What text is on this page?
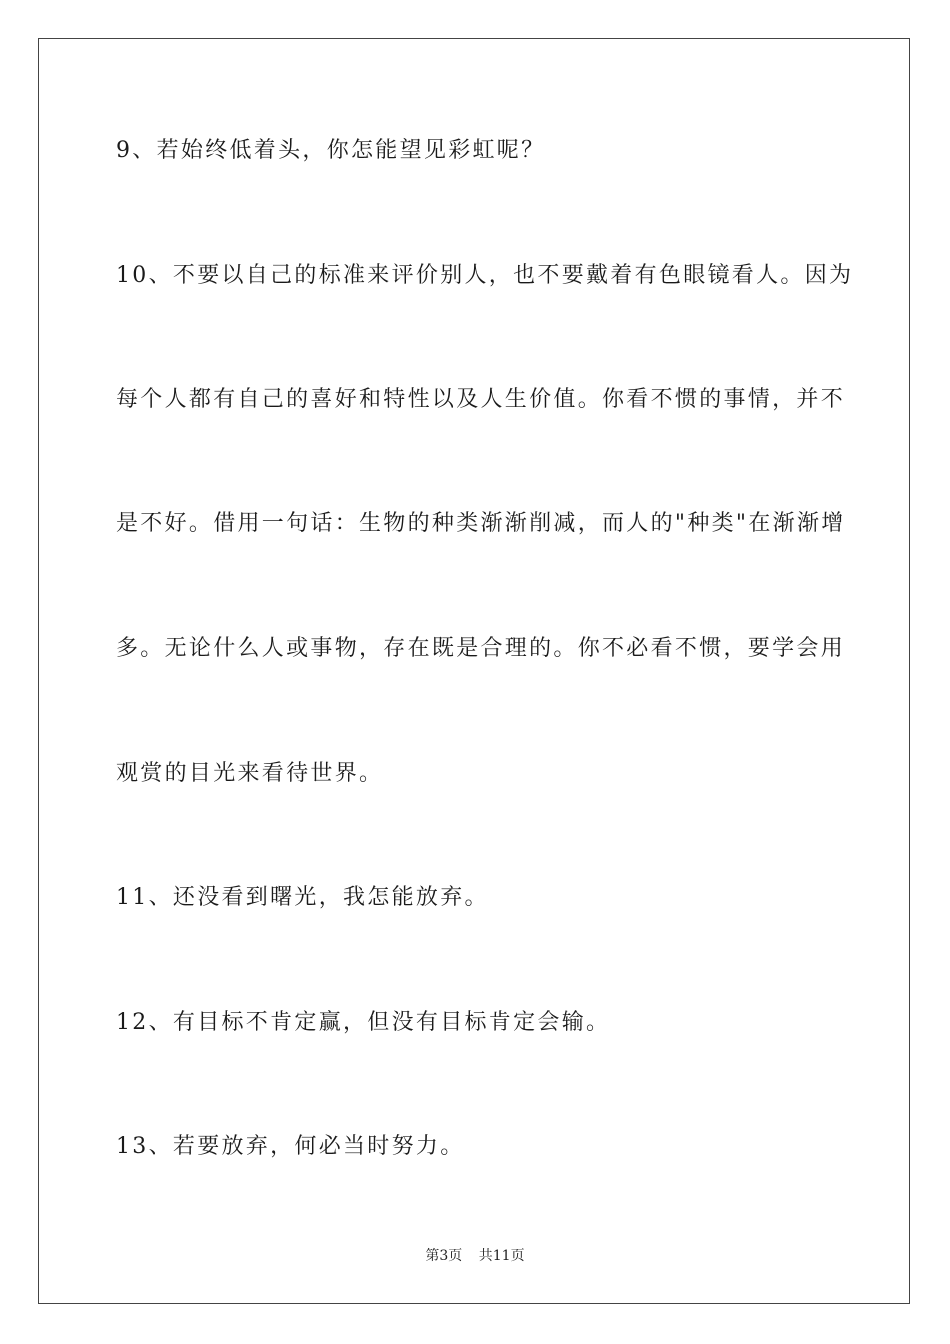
9、若始终低着头，你怎能望见彩虹呢？
10、不要以自己的标准来评价别人，也不要戴着有色眼镜看人。因为
每个人都有自己的喜好和特性以及人生价值。你看不惯的事情，并不
是不好。借用一句话：生物的种类渐渐削减，而人的"种类"在渐渐增
多。无论什么人或事物，存在既是合理的。你不必看不惯，要学会用
观赏的目光来看待世界。
11、还没看到曙光，我怎能放弃。
12、有目标不肯定赢，但没有目标肯定会输。
13、若要放弃，何必当时努力。
第3页 共11页
